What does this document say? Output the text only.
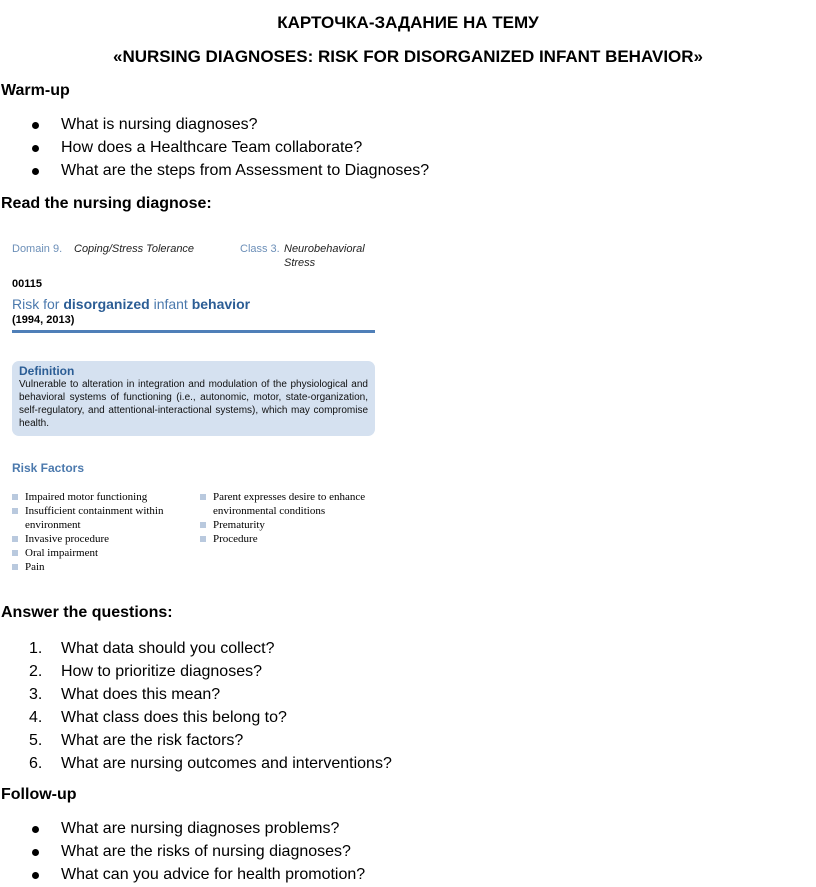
КАРТОЧКА-ЗАДАНИЕ НА ТЕМУ
«NURSING DIAGNOSES: RISK FOR DISORGANIZED INFANT BEHAVIOR»
Warm-up
What is nursing diagnoses?
How does a Healthcare Team collaborate?
What are the steps from Assessment to Diagnoses?
Read the nursing diagnose:
Domain 9. Coping/Stress Tolerance	Class 3. Neurobehavioral
Stress
00115
Risk for disorganized infant behavior
(1994, 2013)
Definition
Vulnerable to alteration in integration and modulation of the physiological and behavioral systems of functioning (i.e., autonomic, motor, state-organization, self-regulatory, and attentional-interactional systems), which may compromise health.
Risk Factors
Impaired motor functioning
Insufficient containment within environment
Invasive procedure
Oral impairment
Pain
Parent expresses desire to enhance environmental conditions
Prematurity
Procedure
Answer the questions:
1. What data should you collect?
2. How to prioritize diagnoses?
3. What does this mean?
4. What class does this belong to?
5. What are the risk factors?
6. What are nursing outcomes and interventions?
Follow-up
What are nursing diagnoses problems?
What are the risks of nursing diagnoses?
What can you advice for health promotion?
